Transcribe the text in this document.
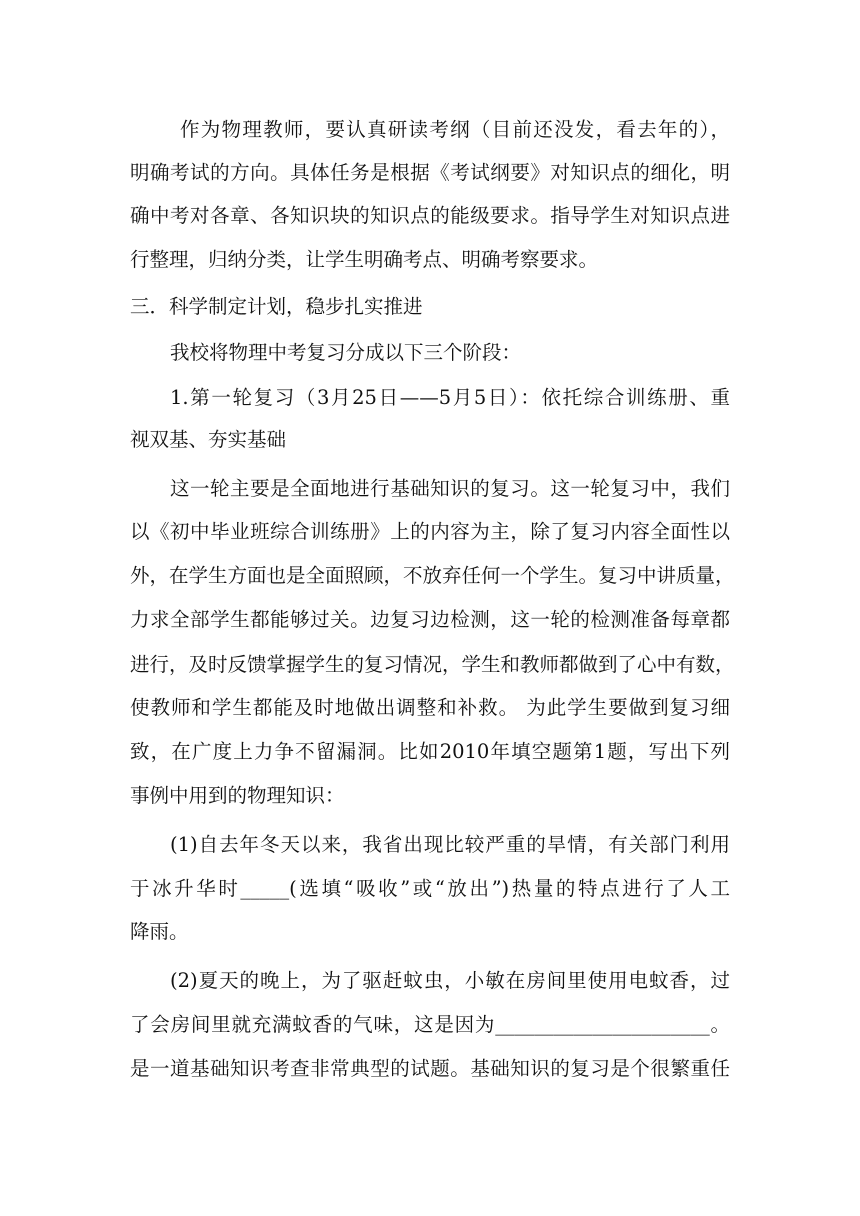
作为物理教师，要认真研读考纲（目前还没发，看去年的），
明确考试的方向。具体任务是根据《考试纲要》对知识点的细化，明
确中考对各章、各知识块的知识点的能级要求。指导学生对知识点进
行整理，归纳分类，让学生明确考点、明确考察要求。
三．科学制定计划，稳步扎实推进
我校将物理中考复习分成以下三个阶段：
1.第一轮复习（3月25日——5月5日）：依托综合训练册、重
视双基、夯实基础
这一轮主要是全面地进行基础知识的复习。这一轮复习中，我们
以《初中毕业班综合训练册》上的内容为主，除了复习内容全面性以
外，在学生方面也是全面照顾，不放弃任何一个学生。复习中讲质量，
力求全部学生都能够过关。边复习边检测，这一轮的检测准备每章都
进行，及时反馈掌握学生的复习情况，学生和教师都做到了心中有数，
使教师和学生都能及时地做出调整和补救。 为此学生要做到复习细
致，在广度上力争不留漏洞。比如2010年填空题第1题，写出下列
事例中用到的物理知识：
(1)自去年冬天以来，我省出现比较严重的旱情，有关部门利用
于冰升华时_____(选填“吸收”或“放出”)热量的特点进行了人工
降雨。
(2)夏天的晚上，为了驱赶蚊虫，小敏在房间里使用电蚊香，过
了会房间里就充满蚊香的气味，这是因为______________________。
是一道基础知识考查非常典型的试题。基础知识的复习是个很繁重任
